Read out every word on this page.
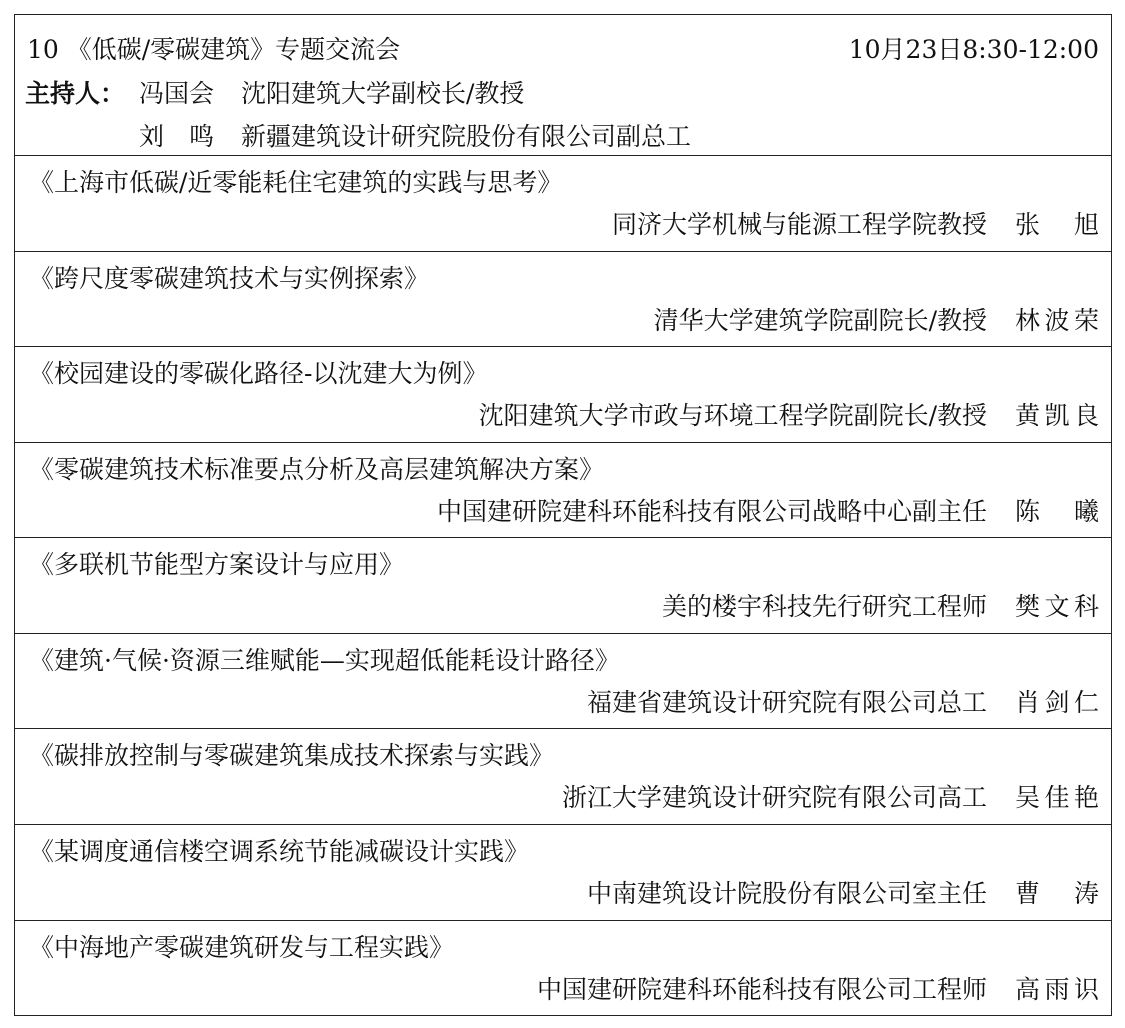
10 《低碳/零碳建筑》专题交流会	10月23日8:30-12:00
主持人： 冯国会 沈阳建筑大学副校长/教授
刘　鸣 新疆建筑设计研究院股份有限公司副总工
《上海市低碳/近零能耗住宅建筑的实践与思考》
同济大学机械与能源工程学院教授 张　旭
《跨尺度零碳建筑技术与实例探索》
清华大学建筑学院副院长/教授 林波荣
《校园建设的零碳化路径-以沈建大为例》
沈阳建筑大学市政与环境工程学院副院长/教授 黄凯良
《零碳建筑技术标准要点分析及高层建筑解决方案》
中国建研院建科环能科技有限公司战略中心副主任 陈　曦
《多联机节能型方案设计与应用》
美的楼宇科技先行研究工程师 樊文科
《建筑·气候·资源三维赋能—实现超低能耗设计路径》
福建省建筑设计研究院有限公司总工 肖剑仁
《碳排放控制与零碳建筑集成技术探索与实践》
浙江大学建筑设计研究院有限公司高工 吴佳艳
《某调度通信楼空调系统节能减碳设计实践》
中南建筑设计院股份有限公司室主任 曹　涛
《中海地产零碳建筑研发与工程实践》
中国建研院建科环能科技有限公司工程师 高雨识
